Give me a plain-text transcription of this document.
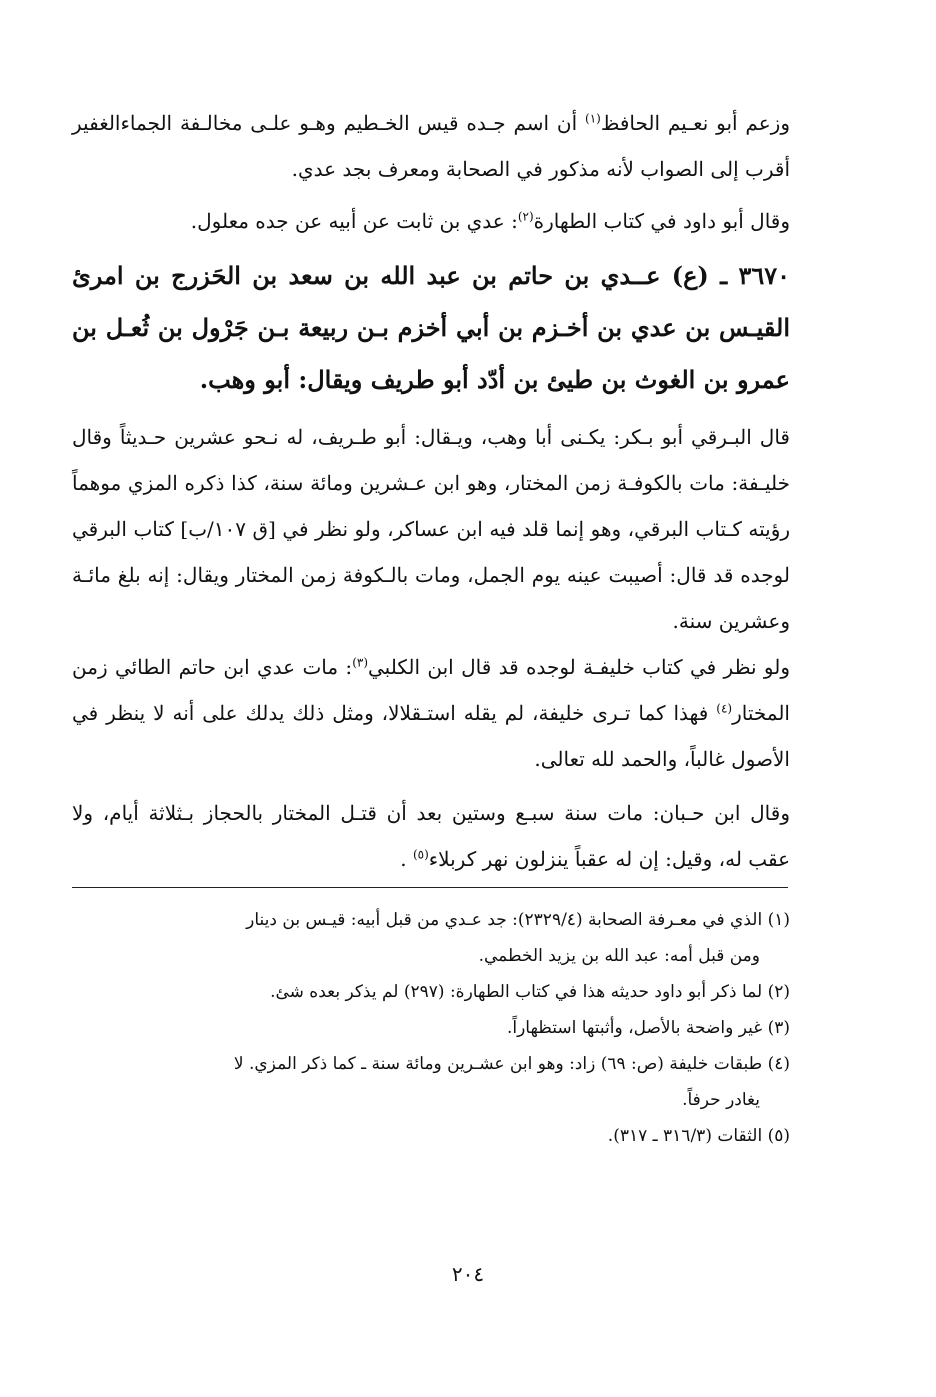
وزعم أبو نعـيم الحافظ$^{(١)}$ أن اسم جـده قيس الخـطيم وهـو علـى مخالـفة الجماءالغفير أقرب إلى الصواب لأنه مذكور في الصحابة ومعرف بجد عدي.

وقال أبو داود في كتاب الطهارة$^{(٢)}$: عدي بن ثابت عن أبيه عن جده معلول.

٣٦٧٠ ـ (ع) عــدي بن حاتم بن عبد الله بن سعد بن الحَزرج بن امرئ القيـس بن عدي بن أخـزم بن أبي أخزم بـن ربيعة بـن جَرْول بن ثُعـل بن عمرو بن الغوث بن طيئ بن أدّد أبو طريف ويقال: أبو وهب.

قال البـرقي أبو بـكر: يكـنى أبا وهب، ويـقال: أبو طـريف، له نـحو عشرين حـديثاً وقال خليـفة: مات بالكوفـة زمن المختار، وهو ابن عـشرين ومائة سنة، كذا ذكره المزي موهماً رؤيته كـتاب البرقي، وهو إنما قلد فيه ابن عساكر، ولو نظر في [ق ١٠٧/ب] كتاب البرقي لوجده قد قال: أصيبت عينه يوم الجمل، ومات بالـكوفة زمن المختار ويقال: إنه بلغ مائـة وعشرين سنة.

ولو نظر في كتاب خليفـة لوجده قد قال ابن الكلبي$^{(٣)}$: مات عدي ابن حاتم الطائي زمن المختار$^{(٤)}$ فهذا كما تـرى خليفة، لم يقله استـقلالا، ومثل ذلك يدلك على أنه لا ينظر في الأصول غالباً، والحمد لله تعالى.

وقال ابن حـبان: مات سنة سبـع وستين بعد أن قتـل المختار بالحجاز بـثلاثة أيام، ولا عقب له، وقيل: إن له عقباً ينزلون نهر كربلاء$^{(٥)}$ .

(١) الذي في معـرفة الصحابة (٢٣٢٩/٤): جد عـدي من قبل أبيه: قيـس بن دينار
ومن قبل أمه: عبد الله بن يزيد الخطمي.

(٢) لما ذكر أبو داود حديثه هذا في كتاب الطهارة: (٢٩٧) لم يذكر بعده شئ.

(٣) غير واضحة بالأصل، وأثبتها استظهاراً.

(٤) طبقات خليفة (ص: ٦٩) زاد: وهو ابن عشـرين ومائة سنة ـ كما ذكر المزي. لا
يغادر حرفاً.

(٥) الثقات (٣١٦/٣ ـ ٣١٧).

٢٠٤
